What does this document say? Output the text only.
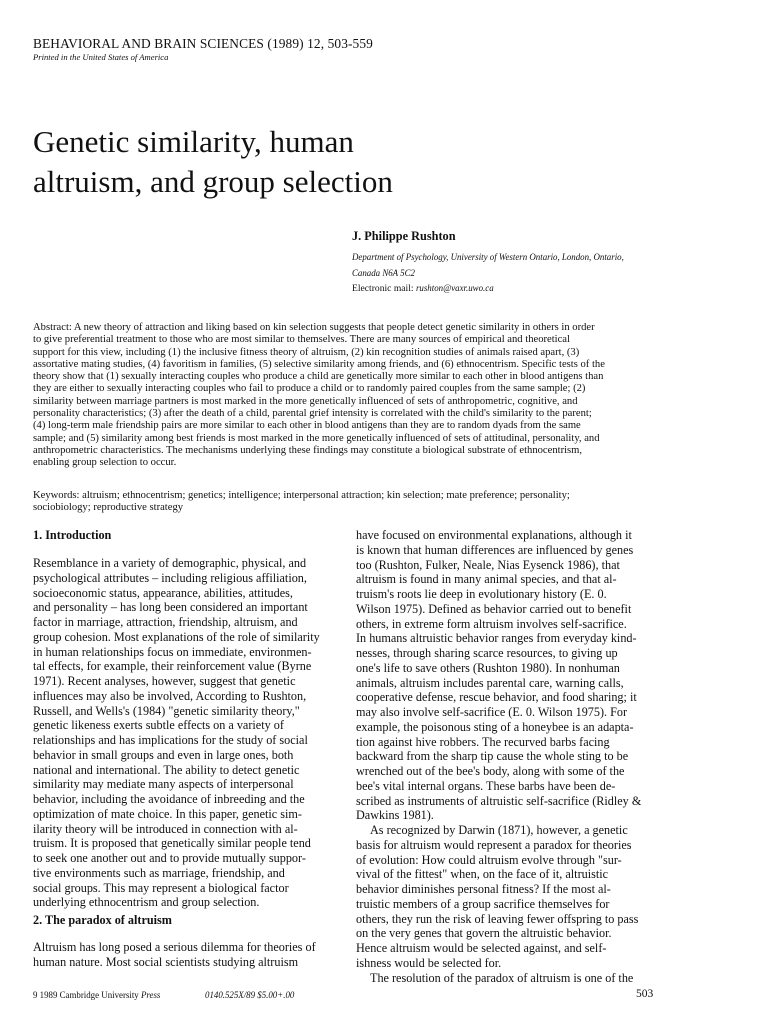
BEHAVIORAL AND BRAIN SCIENCES (1989) 12, 503-559
Printed in the United States of America
Genetic similarity, human
altruism, and group selection
J. Philippe Rushton
Department of Psychology, University of Western Ontario, London, Ontario,
Canada N6A 5C2
Electronic mail: rushton@vaxr.uwo.ca
Abstract: A new theory of attraction and liking based on kin selection suggests that people detect genetic similarity in others in order
to give preferential treatment to those who are most similar to themselves. There are many sources of empirical and theoretical
support for this view, including (1) the inclusive fitness theory of altruism, (2) kin recognition studies of animals raised apart, (3)
assortative mating studies, (4) favoritism in families, (5) selective similarity among friends, and (6) ethnocentrism. Specific tests of the
theory show that (1) sexually interacting couples who produce a child are genetically more similar to each other in blood antigens than
they are either to sexually interacting couples who fail to produce a child or to randomly paired couples from the same sample; (2)
similarity between marriage partners is most marked in the more genetically influenced of sets of anthropometric, cognitive, and
personality characteristics; (3) after the death of a child, parental grief intensity is correlated with the child's similarity to the parent;
(4) long-term male friendship pairs are more similar to each other in blood antigens than they are to random dyads from the same
sample; and (5) similarity among best friends is most marked in the more genetically influenced of sets of attitudinal, personality, and
anthropometric characteristics. The mechanisms underlying these findings may constitute a biological substrate of ethnocentrism,
enabling group selection to occur.
Keywords: altruism; ethnocentrism; genetics; intelligence; interpersonal attraction; kin selection; mate preference; personality;
sociobiology; reproductive strategy
1. Introduction
Resemblance in a variety of demographic, physical, and
psychological attributes – including religious affiliation,
socioeconomic status, appearance, abilities, attitudes,
and personality – has long been considered an important
factor in marriage, attraction, friendship, altruism, and
group cohesion. Most explanations of the role of similarity
in human relationships focus on immediate, environmen-
tal effects, for example, their reinforcement value (Byrne
1971). Recent analyses, however, suggest that genetic
influences may also be involved, According to Rushton,
Russell, and Wells's (1984) "genetic similarity theory,"
genetic likeness exerts subtle effects on a variety of
relationships and has implications for the study of social
behavior in small groups and even in large ones, both
national and international. The ability to detect genetic
similarity may mediate many aspects of interpersonal
behavior, including the avoidance of inbreeding and the
optimization of mate choice. In this paper, genetic sim-
ilarity theory will be introduced in connection with al-
truism. It is proposed that genetically similar people tend
to seek one another out and to provide mutually suppor-
tive environments such as marriage, friendship, and
social groups. This may represent a biological factor
underlying ethnocentrism and group selection.
2. The paradox of altruism
Altruism has long posed a serious dilemma for theories of
human nature. Most social scientists studying altruism
have focused on environmental explanations, although it
is known that human differences are influenced by genes
too (Rushton, Fulker, Neale, Nias Eysenck 1986), that
altruism is found in many animal species, and that al-
truism's roots lie deep in evolutionary history (E. 0.
Wilson 1975). Defined as behavior carried out to benefit
others, in extreme form altruism involves self-sacrifice.
In humans altruistic behavior ranges from everyday kind-
nesses, through sharing scarce resources, to giving up
one's life to save others (Rushton 1980). In nonhuman
animals, altruism includes parental care, warning calls,
cooperative defense, rescue behavior, and food sharing; it
may also involve self-sacrifice (E. 0. Wilson 1975). For
example, the poisonous sting of a honeybee is an adapta-
tion against hive robbers. The recurved barbs facing
backward from the sharp tip cause the whole sting to be
wrenched out of the bee's body, along with some of the
bee's vital internal organs. These barbs have been de-
scribed as instruments of altruistic self-sacrifice (Ridley &
Dawkins 1981).
As recognized by Darwin (1871), however, a genetic
basis for altruism would represent a paradox for theories
of evolution: How could altruism evolve through "sur-
vival of the fittest" when, on the face of it, altruistic
behavior diminishes personal fitness? If the most al-
truistic members of a group sacrifice themselves for
others, they run the risk of leaving fewer offspring to pass
on the very genes that govern the altruistic behavior.
Hence altruism would be selected against, and self-
ishness would be selected for.
The resolution of the paradox of altruism is one of the
9 1989 Cambridge University Press	0140.525X/89 $5.00+.00	503
